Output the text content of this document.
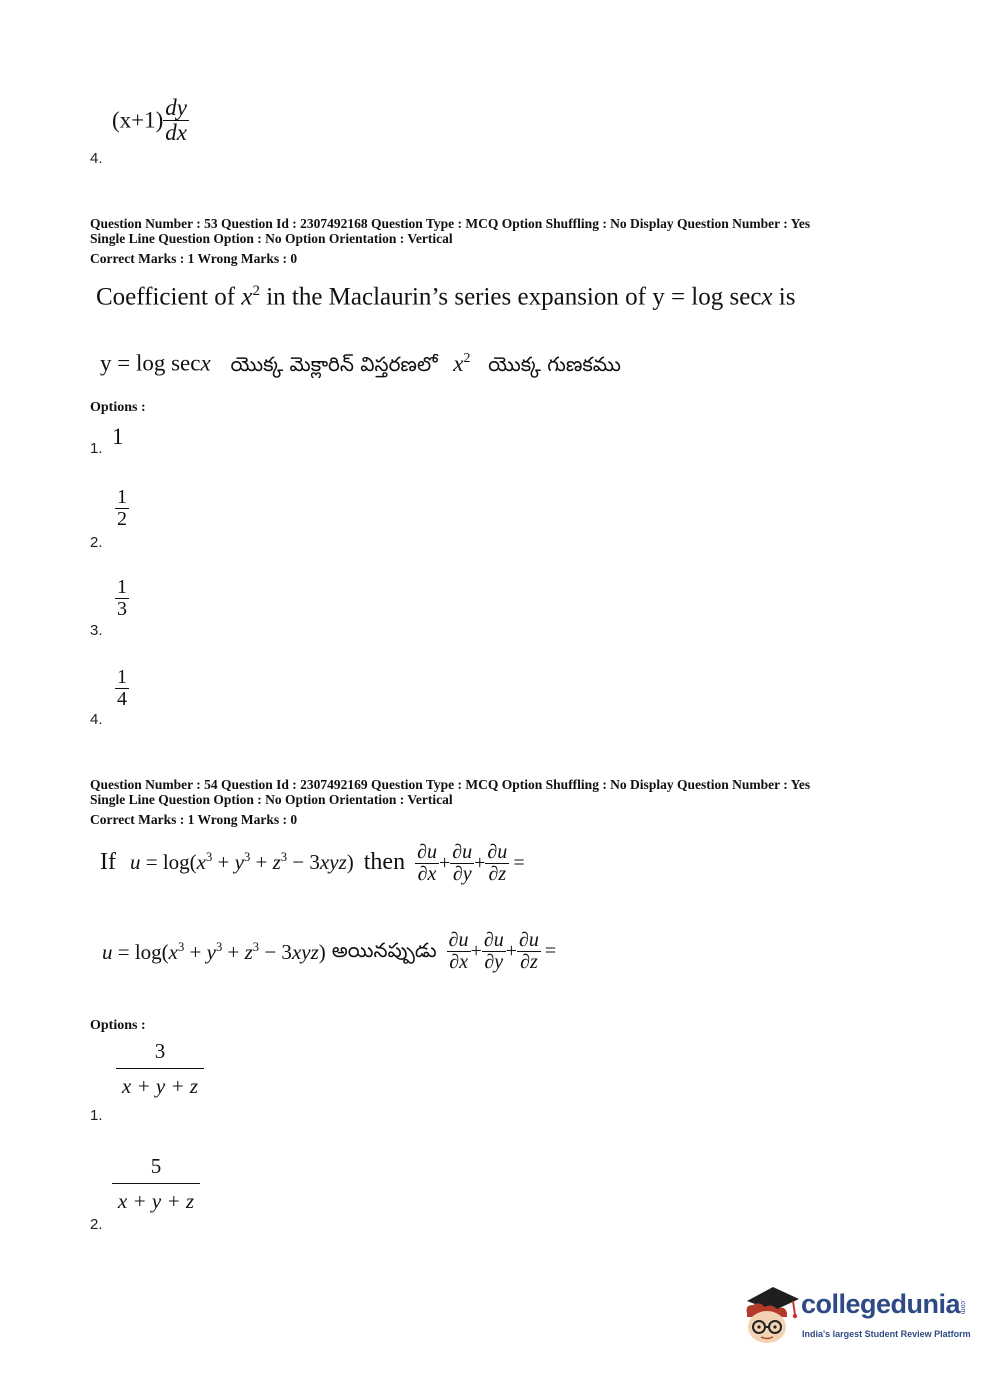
$(x+1) \frac{dy}{dx}$
4.
Question Number : 53 Question Id : 2307492168 Question Type : MCQ Option Shuffling : No Display Question Number : Yes
Single Line Question Option : No Option Orientation : Vertical
Correct Marks : 1 Wrong Marks : 0
Coefficient of $x^2$ in the Maclaurin’s series expansion of y = log secx is
y = log secx యొక్క మెక్లారిన్ విస్తరణలో $x^2$ యొక్క గుణకము
Options :
1
1.
1
2
2.
1
3
3.
1
4
4.
Question Number : 54 Question Id : 2307492169 Question Type : MCQ Option Shuffling : No Display Question Number : Yes
Single Line Question Option : No Option Orientation : Vertical
Correct Marks : 1 Wrong Marks : 0
If $u = \log(x^3 + y^3 + z^3 - 3xyz)$ then $\frac{\partial u}{\partial x} + \frac{\partial u}{\partial y} + \frac{\partial u}{\partial z}$ =
$u = \log(x^3 + y^3 + z^3 - 3xyz)$ అయినప్పుడు $\frac{\partial u}{\partial x} + \frac{\partial u}{\partial y} + \frac{\partial u}{\partial z}$ =
Options :
3
x + y + z
1.
5
x + y + z
2.
collegedunia
.com
India's largest Student Review Platform
